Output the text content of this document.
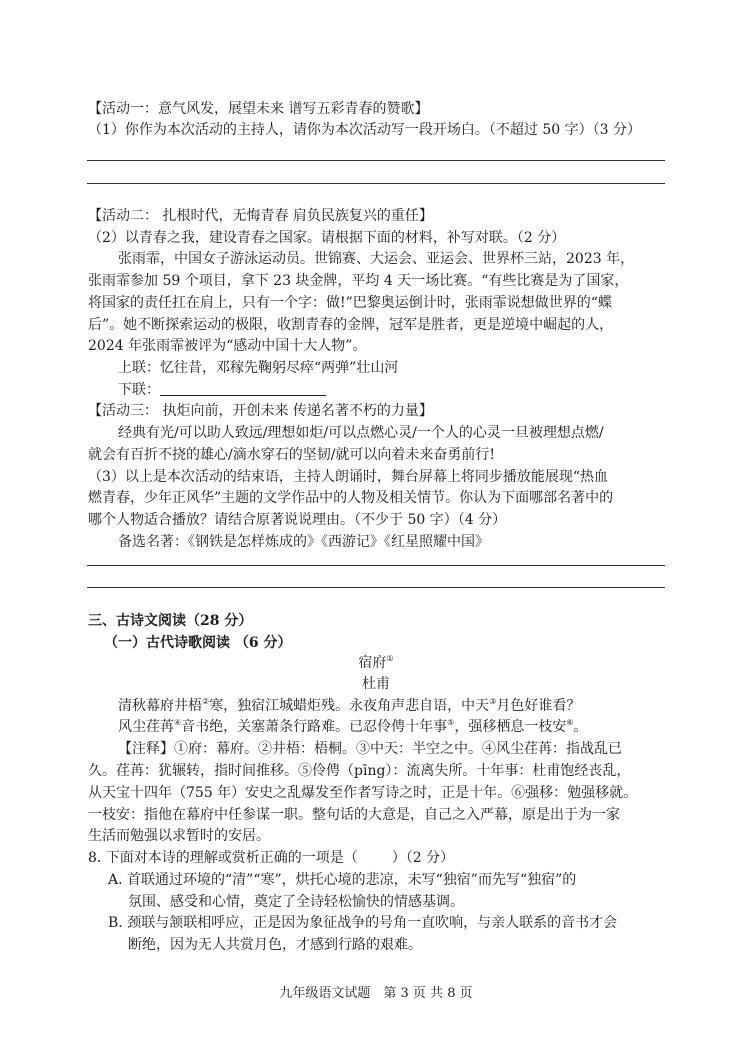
【活动一：意气风发，展望未来 谱写五彩青春的赞歌】
（1）你作为本次活动的主持人，请你为本次活动写一段开场白。（不超过 50 字）（3 分）
【活动二： 扎根时代，无悔青春 肩负民族复兴的重任】
（2）以青春之我，建设青春之国家。请根据下面的材料，补写对联。（2 分）
张雨霏，中国女子游泳运动员。世锦赛、大运会、亚运会、世界杯三站，2023 年，
张雨霏参加 59 个项目，拿下 23 块金牌，平均 4 天一场比赛。“有些比赛是为了国家，
将国家的责任扛在肩上，只有一个字：做!”巴黎奥运倒计时，张雨霏说想做世界的“蝶
后”。她不断探索运动的极限，收割青春的金牌，冠军是胜者，更是逆境中崛起的人，
2024 年张雨霏被评为“感动中国十大人物”。
上联：忆往昔，邓稼先鞠躬尽瘁“两弹”壮山河
下联：
【活动三： 执炬向前，开创未来 传递名著不朽的力量】
经典有光/可以助人致远/理想如炬/可以点燃心灵/一个人的心灵一旦被理想点燃/
就会有百折不挠的雄心/滴水穿石的坚韧/就可以向着未来奋勇前行!
（3）以上是本次活动的结束语，主持人朗诵时，舞台屏幕上将同步播放能展现“热血
燃青春，少年正风华”主题的文学作品中的人物及相关情节。你认为下面哪部名著中的
哪个人物适合播放？请结合原著说说理由。（不少于 50 字）（4 分）
备选名著：《钢铁是怎样炼成的》《西游记》《红星照耀中国》
三、古诗文阅读（28 分）
（一）古代诗歌阅读 （6 分）
宿府①
杜甫
清秋幕府井梧②寒，独宿江城蜡炬残。永夜角声悲自语，中天③月色好谁看？
风尘荏苒④音书绝，关塞萧条行路难。已忍伶俜十年事⑤，强移栖息一枝安⑥。
【注释】①府：幕府。②井梧：梧桐。③中天：半空之中。④风尘荏苒：指战乱已
久。荏苒：犹辗转，指时间推移。⑤伶俜（pīng）：流离失所。十年事：杜甫饱经丧乱，
从天宝十四年（755 年）安史之乱爆发至作者写诗之时，正是十年。⑥强移：勉强移就。
一枝安：指他在幕府中任参谋一职。整句话的大意是，自己之入严幕，原是出于为一家
生活而勉强以求暂时的安居。
8. 下面对本诗的理解或赏析正确的一项是（ ）（2 分）
A. 首联通过环境的“清”“寒”，烘托心境的悲凉，未写“独宿”而先写“独宿”的
氛围、感受和心情，奠定了全诗轻松愉快的情感基调。
B. 颈联与颔联相呼应，正是因为象征战争的号角一直吹响，与亲人联系的音书才会
断绝，因为无人共赏月色，才感到行路的艰难。
九年级语文试题　第 3 页 共 8 页
